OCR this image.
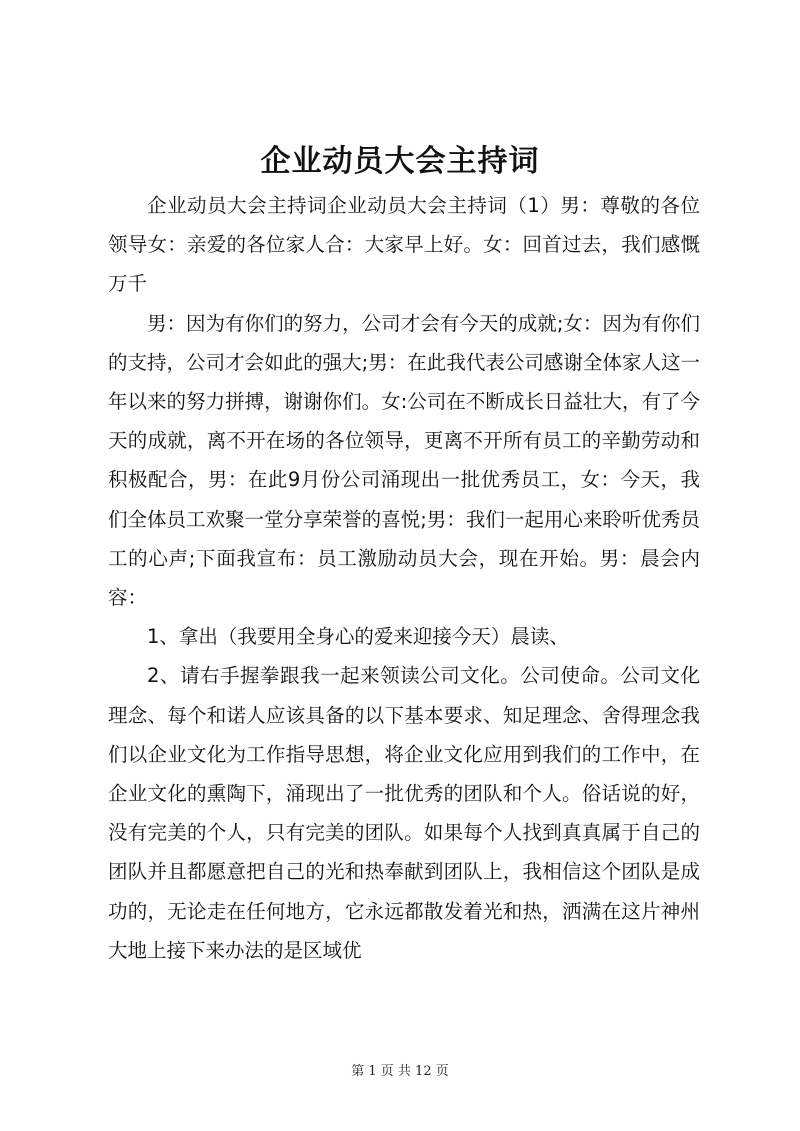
企业动员大会主持词

企业动员大会主持词企业动员大会主持词（1）男：尊敬的各位领导女：亲爱的各位家人合：大家早上好。女：回首过去，我们感慨万千

男：因为有你们的努力，公司才会有今天的成就;女：因为有你们的支持，公司才会如此的强大;男：在此我代表公司感谢全体家人这一年以来的努力拼搏，谢谢你们。女:公司在不断成长日益壮大，有了今天的成就，离不开在场的各位领导，更离不开所有员工的辛勤劳动和积极配合，男：在此9月份公司涌现出一批优秀员工，女：今天，我们全体员工欢聚一堂分享荣誉的喜悦;男：我们一起用心来聆听优秀员工的心声;下面我宣布：员工激励动员大会，现在开始。男：晨会内容：

1、拿出（我要用全身心的爱来迎接今天）晨读、

2、请右手握拳跟我一起来领读公司文化。公司使命。公司文化理念、每个和诺人应该具备的以下基本要求、知足理念、舍得理念我们以企业文化为工作指导思想，将企业文化应用到我们的工作中，在企业文化的熏陶下，涌现出了一批优秀的团队和个人。俗话说的好，没有完美的个人，只有完美的团队。如果每个人找到真真属于自己的团队并且都愿意把自己的光和热奉献到团队上，我相信这个团队是成功的，无论走在任何地方，它永远都散发着光和热，洒满在这片神州大地上接下来办法的是区域优

第 1 页 共 12 页
